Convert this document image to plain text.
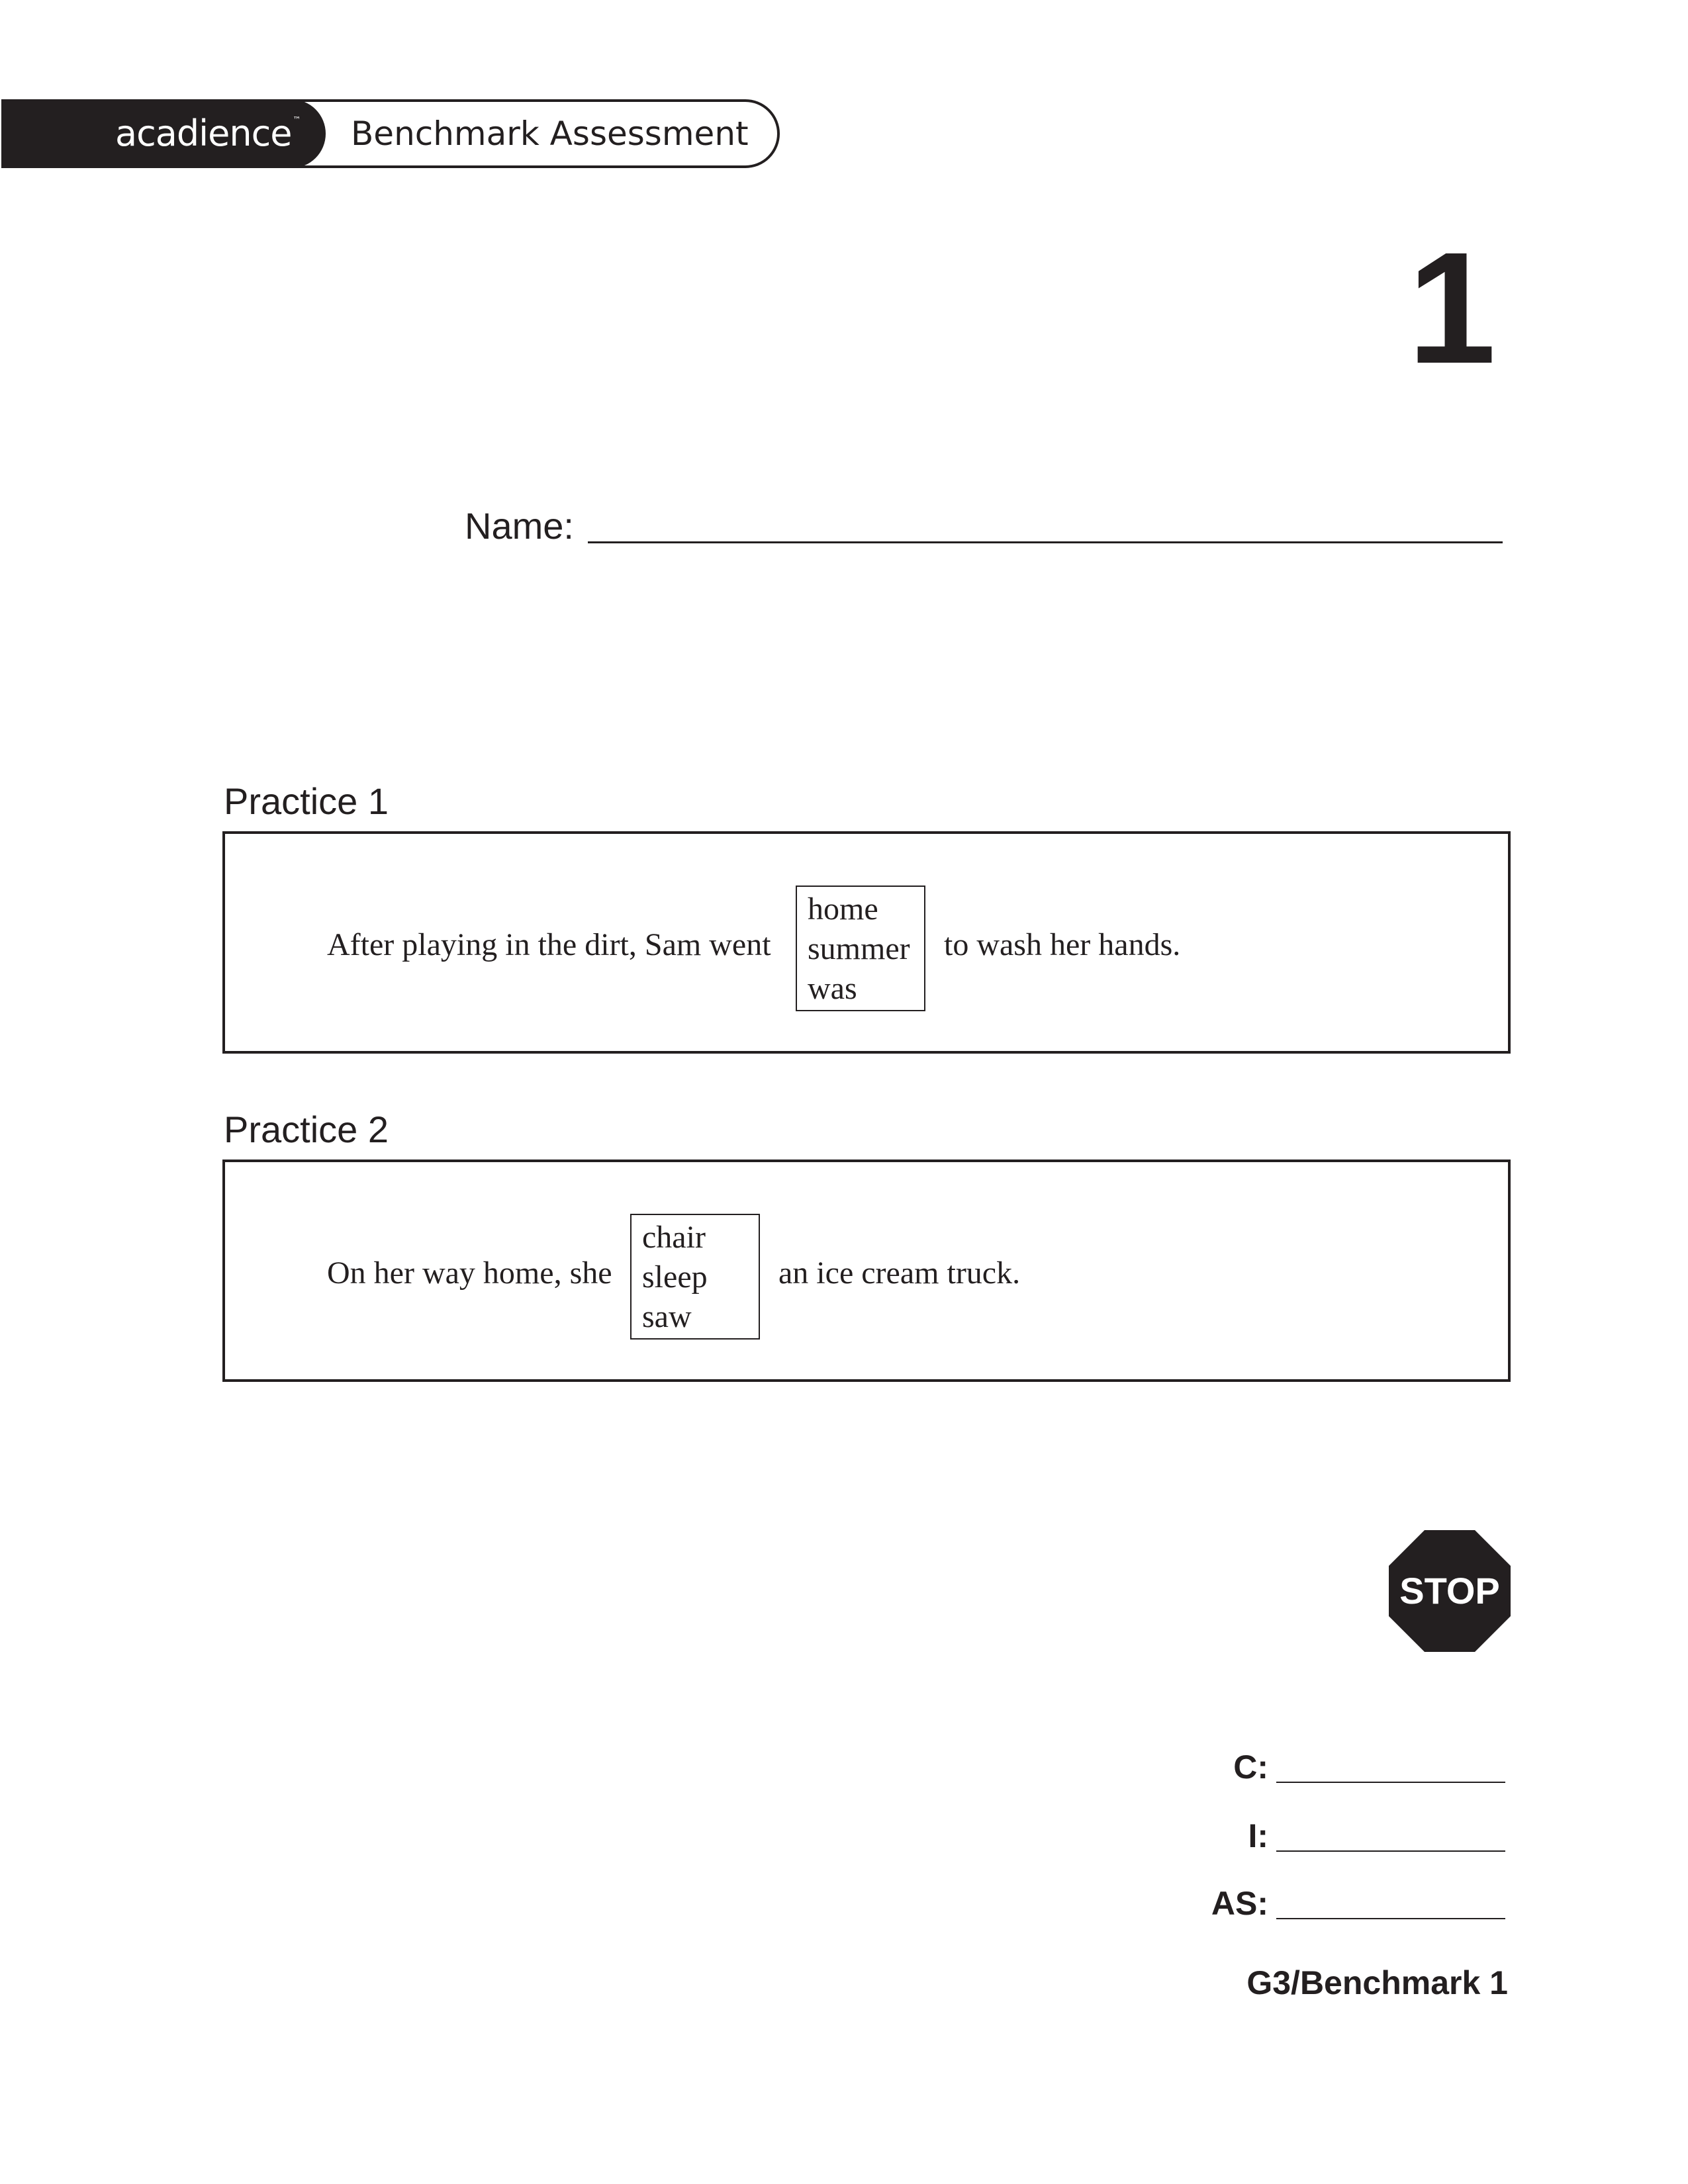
acadience ™ Benchmark Assessment
1
Name:
Practice 1
After playing in the dirt, Sam went
home
summer
was
to wash her hands.
Practice 2
On her way home, she
chair
sleep
saw
an ice cream truck.
STOP
C:
I:
AS:
G3/Benchmark 1
